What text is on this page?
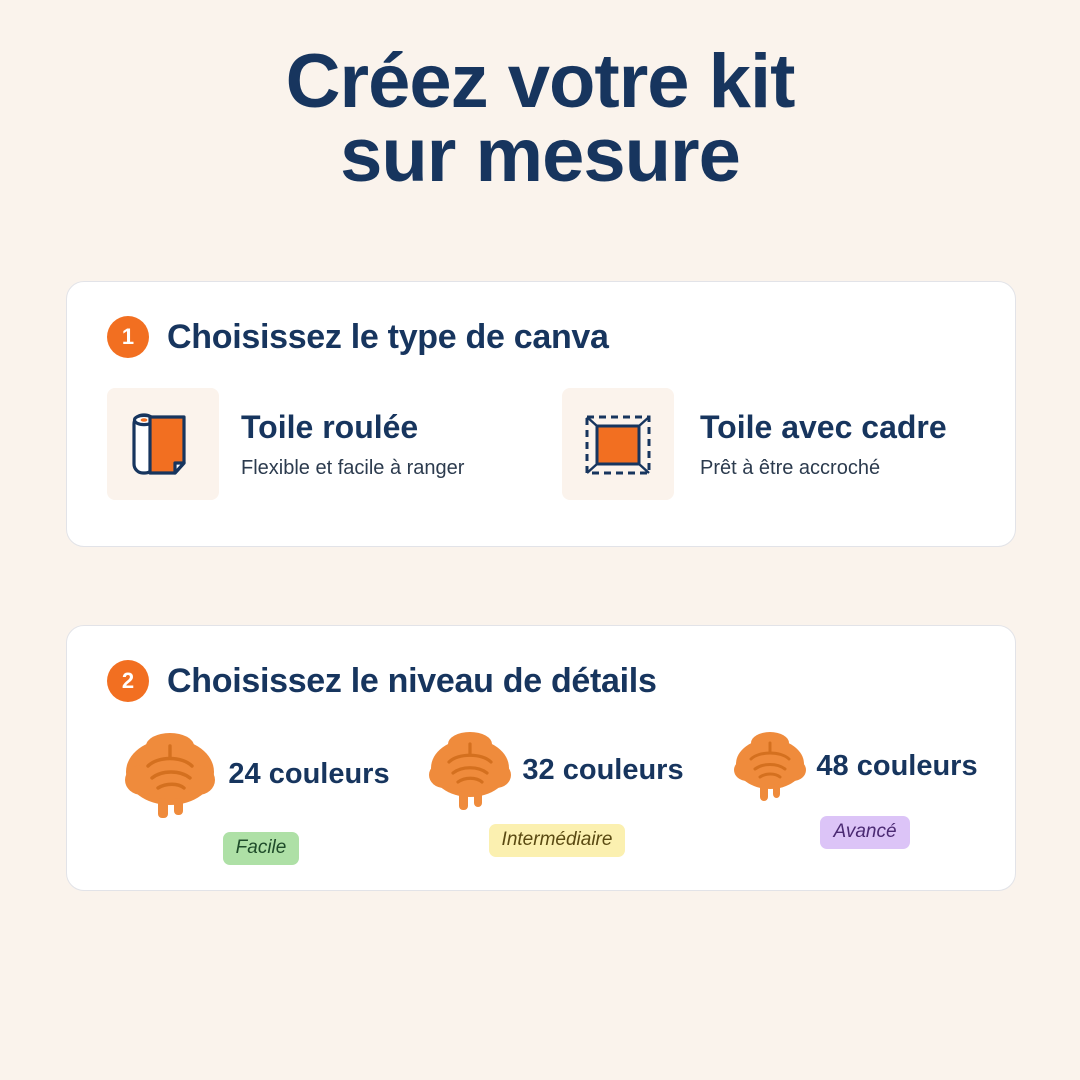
Créez votre kit
sur mesure
1 Choisissez le type de canva
Toile roulée
Flexible et facile à ranger
Toile avec cadre
Prêt à être accroché
2 Choisissez le niveau de détails
24 couleurs
Facile
32 couleurs
Intermédiaire
48 couleurs
Avancé
